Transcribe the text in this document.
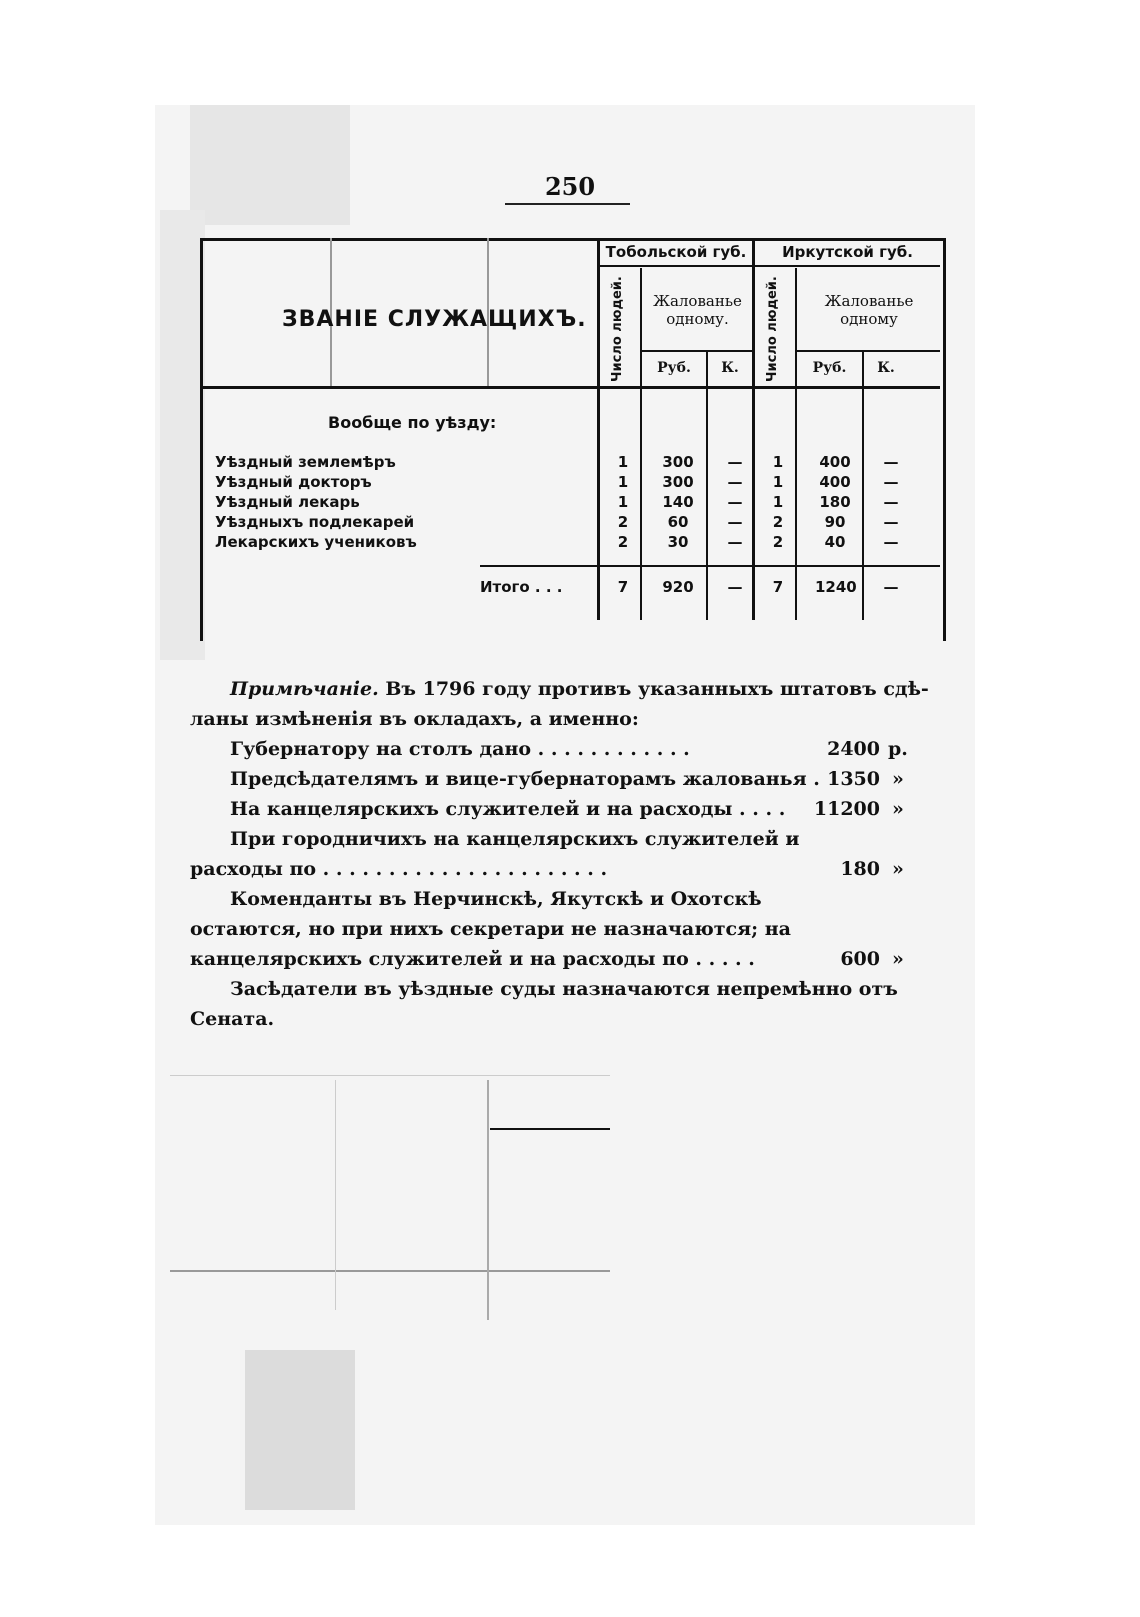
250
ЗВАНІЕ СЛУЖАЩИХЪ.
Тобольской губ.	Иркутской губ.
Число людей.	Число людей.
Жалованье одному.
Жалованье одному
Руб.	К.	Руб.	К.
Вообще по уѣзду:
Уѣздный землемѣръ	1	300	—	1	400	—
Уѣздный докторъ	1	300	—	1	400	—
Уѣздный лекарь	1	140	—	1	180	—
Уѣздныхъ подлекарей	2	60	—	2	90	—
Лекарскихъ учениковъ	2	30	—	2	40	—
Итого . . .	7	920	—	7	1240	—
Примѣчаніе. Въ 1796 году противъ указанныхъ штатовъ сдѣ-
ланы измѣненія въ окладахъ, а именно:
Губернатору на столъ дано . . . . . . . . . . . .	2400 р.
Предсѣдателямъ и вице-губернаторамъ жалованья . 1350 »
На канцелярскихъ служителей и на расходы . . . .	11200 »
При городничихъ на канцелярскихъ служителей и
расходы по . . . . . . . . . . . . . . . . . . . . . .	180 »
Коменданты въ Нерчинскѣ, Якутскѣ и Охотскѣ
остаются, но при нихъ секретари не назначаются; на
канцелярскихъ служителей и на расходы по . . . . .	600 »
Засѣдатели въ уѣздные суды назначаются непремѣнно отъ
Сената.
